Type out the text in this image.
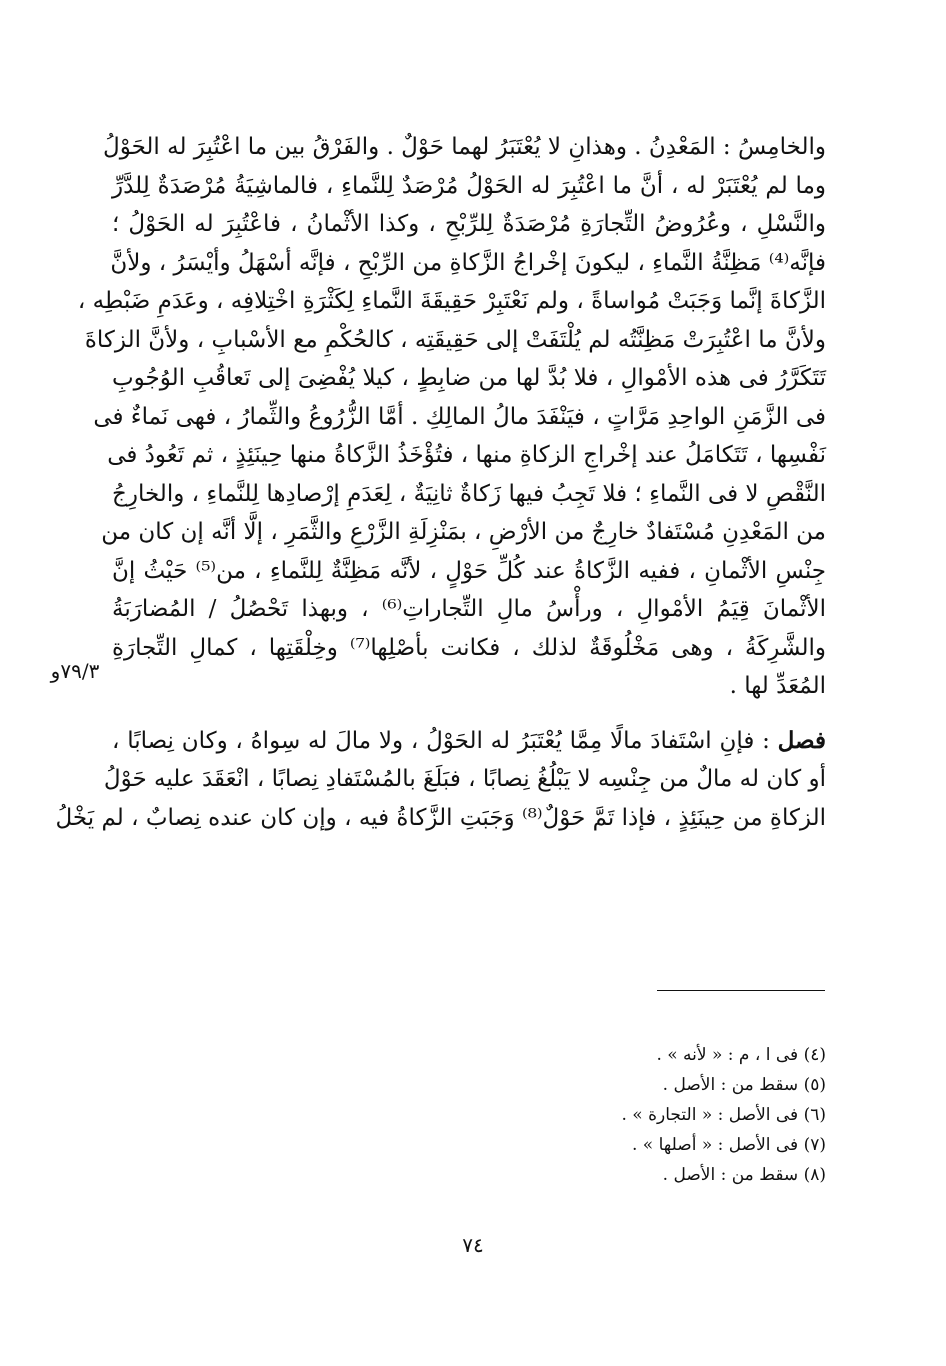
والخامِسُ : المَعْدِنُ . وهذانِ لا يُعْتَبَرُ لهما حَوْلٌ . والفَرْقُ بين ما اعْتُبِرَ له الحَوْلُ
وما لم يُعْتَبَرْ له ، أنَّ ما اعْتُبِرَ له الحَوْلُ مُرْصَدٌ لِلنَّماءِ ، فالماشِيَةُ مُرْصَدَةٌ لِلدَّرِّ
والنَّسْلِ ، وعُرُوضُ التِّجارَةِ مُرْصَدَةٌ لِلرِّبْحِ ، وكذا الأثْمانُ ، فاعْتُبِرَ له الحَوْلُ ؛
فإنَّه⁽⁴⁾ مَظِنَّةُ النَّماءِ ، ليكونَ إخْراجُ الزَّكاةِ من الرِّبْحِ ، فإنَّه أسْهَلُ وأيْسَرُ ، ولأنَّ
الزَّكاةَ إنَّما وَجَبَتْ مُواساةً ، ولم نَعْتَبِرْ حَقِيقَةَ النَّماءِ لِكَثْرَةِ اخْتِلافِه ، وعَدَمِ ضَبْطِه ،
ولأنَّ ما اعْتُبِرَتْ مَظِنَّتُه لم يُلْتَفَتْ إلى حَقِيقَتِه ، كالحُكْمِ مع الأسْبابِ ، ولأنَّ الزكاةَ
تَتَكَرَّرُ فى هذه الأمْوالِ ، فلا بُدَّ لها من ضابِطٍ ، كيلا يُفْضِىَ إلى تَعاقُبِ الوُجُوبِ
فى الزَّمَنِ الواحِدِ مَرَّاتٍ ، فيَنْفَدَ مالُ المالِكِ . أمَّا الزُّرُوعُ والثِّمارُ ، فهى نَماءٌ فى
نَفْسِها ، تَتَكامَلُ عند إخْراجِ الزكاةِ منها ، فتُؤْخَذُ الزَّكاةُ منها حِينَئِذٍ ، ثم تَعُودُ فى
النَّقْصِ لا فى النَّماءِ ؛ فلا تَجِبُ فيها زَكاةٌ ثانِيَةٌ ، لِعَدَمِ إرْصادِها لِلنَّماءِ ، والخارِجُ
من المَعْدِنِ مُسْتَفادٌ خارِجٌ من الأرْضِ ، بمَنْزِلَةِ الزَّرْعِ والثَّمَرِ ، إلَّا أنَّه إن كان من
جِنْسِ الأثْمانِ ، ففيه الزَّكاةُ عند كُلِّ حَوْلٍ ، لأنَّه مَظِنَّةٌ لِلنَّماءِ ، من⁽⁵⁾ حَيْثُ إنَّ
الأثْمانَ قِيَمُ الأمْوالِ ، ورأْسُ مالِ التِّجاراتِ⁽⁶⁾ ، وبهذا تَحْصُلُ / المُضارَبَةُ
والشَّرِكَةُ ، وهى مَخْلُوقَةٌ لذلك ، فكانت بأصْلِها⁽⁷⁾ وخِلْقَتِها ، كمالِ التِّجارَةِ
المُعَدِّ لها .
فصل : فإنِ اسْتَفادَ مالًا مِمَّا يُعْتَبَرُ له الحَوْلُ ، ولا مالَ له سِواهُ ، وكان نِصابًا ،
أو كان له مالٌ من جِنْسِه لا يَبْلُغُ نِصابًا ، فبَلَغَ بالمُسْتَفادِ نِصابًا ، انْعَقَدَ عليه حَوْلُ
الزكاةِ من حِينَئِذٍ ، فإذا تَمَّ حَوْلٌ⁽⁸⁾ وَجَبَتِ الزَّكاةُ فيه ، وإن كان عنده نِصابٌ ، لم يَخْلُ
٧٩/٣و
(٤) فى ا ، م : « لأنه » .
(٥) سقط من : الأصل .
(٦) فى الأصل : « التجارة » .
(٧) فى الأصل : « أصلها » .
(٨) سقط من : الأصل .
٧٤
